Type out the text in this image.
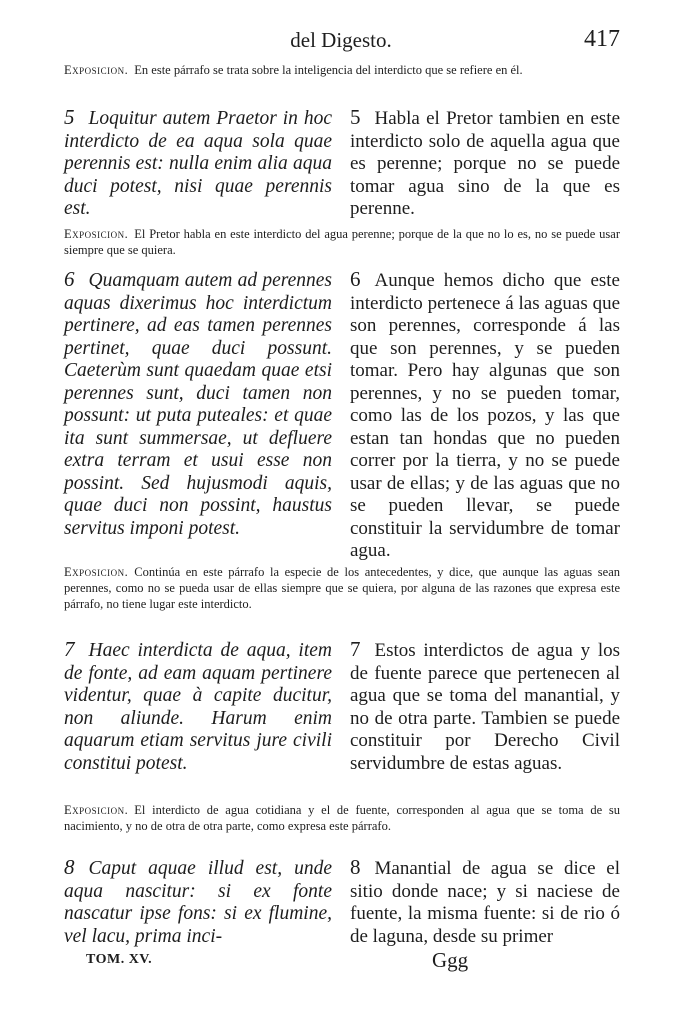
del Digesto.	417
Exposicion. En este párrafo se trata sobre la inteligencia del interdicto que se refiere en él.
5 Loquitur autem Praetor in hoc interdicto de ea aqua sola quae perennis est: nulla enim alia aqua duci potest, nisi quae perennis est.
5 Habla el Pretor tambien en este interdicto solo de aquella agua que es perenne; porque no se puede tomar agua sino de la que es perenne.
Exposicion. El Pretor habla en este interdicto del agua perenne; porque de la que no lo es, no se puede usar siempre que se quiera.
6 Quamquam autem ad perennes aquas dixerimus hoc interdictum pertinere, ad eas tamen perennes pertinet, quae duci possunt. Caeterùm sunt quaedam quae etsi perennes sunt, duci tamen non possunt: ut puta puteales: et quae ita sunt summersae, ut defluere extra terram et usui esse non possint. Sed hujusmodi aquis, quae duci non possint, haustus servitus imponi potest.
6 Aunque hemos dicho que este interdicto pertenece á las aguas que son perennes, corresponde á las que son perennes, y se pueden tomar. Pero hay algunas que son perennes, y no se pueden tomar, como las de los pozos, y las que estan tan hondas que no pueden correr por la tierra, y no se puede usar de ellas; y de las aguas que no se pueden llevar, se puede constituir la servidumbre de tomar agua.
Exposicion. Continúa en este párrafo la especie de los antecedentes, y dice, que aunque las aguas sean perennes, como no se pueda usar de ellas siempre que se quiera, por alguna de las razones que expresa este párrafo, no tiene lugar este interdicto.
7 Haec interdicta de aqua, item de fonte, ad eam aquam pertinere videntur, quae à capite ducitur, non aliunde. Harum enim aquarum etiam servitus jure civili constitui potest.
7 Estos interdictos de agua y los de fuente parece que pertenecen al agua que se toma del manantial, y no de otra parte. Tambien se puede constituir por Derecho Civil servidumbre de estas aguas.
Exposicion. El interdicto de agua cotidiana y el de fuente, corresponden al agua que se toma de su nacimiento, y no de otra de otra parte, como expresa este párrafo.
8 Caput aquae illud est, unde aqua nascitur: si ex fonte nascatur ipse fons: si ex flumine, vel lacu, prima inci-
8 Manantial de agua se dice el sitio donde nace; y si naciese de fuente, la misma fuente: si de rio ó de laguna, desde su primer
TOM. XV.	Ggg
